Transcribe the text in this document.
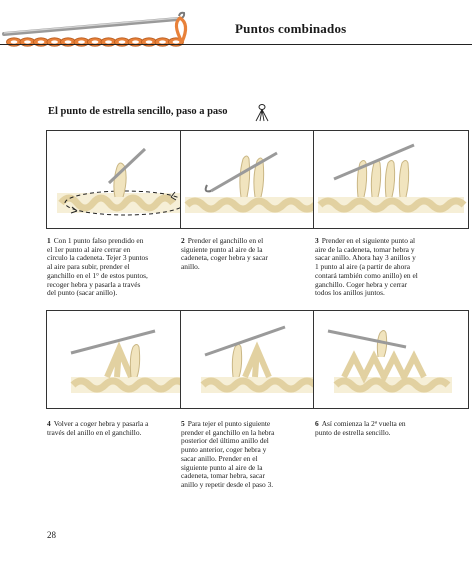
Puntos combinados
El punto de estrella sencillo, paso a paso
1 Con 1 punto falso prendido en
el 1er punto al aire cerrar en
círculo la cadeneta. Tejer 3 puntos
al aire para subir, prender el
ganchillo en el 1° de estos puntos,
recoger hebra y pasarla a través
del punto (sacar anillo).
2 Prender el ganchillo en el
siguiente punto al aire de la
cadeneta, coger hebra y sacar
anillo.
3 Prender en el siguiente punto al
aire de la cadeneta, tomar hebra y
sacar anillo. Ahora hay 3 anillos y
1 punto al aire (a partir de ahora
contará también como anillo) en el
ganchillo. Coger hebra y cerrar
todos los anillos juntos.
4 Volver a coger hebra y pasarla a
través del anillo en el ganchillo.
5 Para tejer el punto siguiente
prender el ganchillo en la hebra
posterior del último anillo del
punto anterior, coger hebra y
sacar anillo. Prender en el
siguiente punto al aire de la
cadeneta, tomar hebra, sacar
anillo y repetir desde el paso 3.
6 Así comienza la 2ª vuelta en
punto de estrella sencillo.
28
